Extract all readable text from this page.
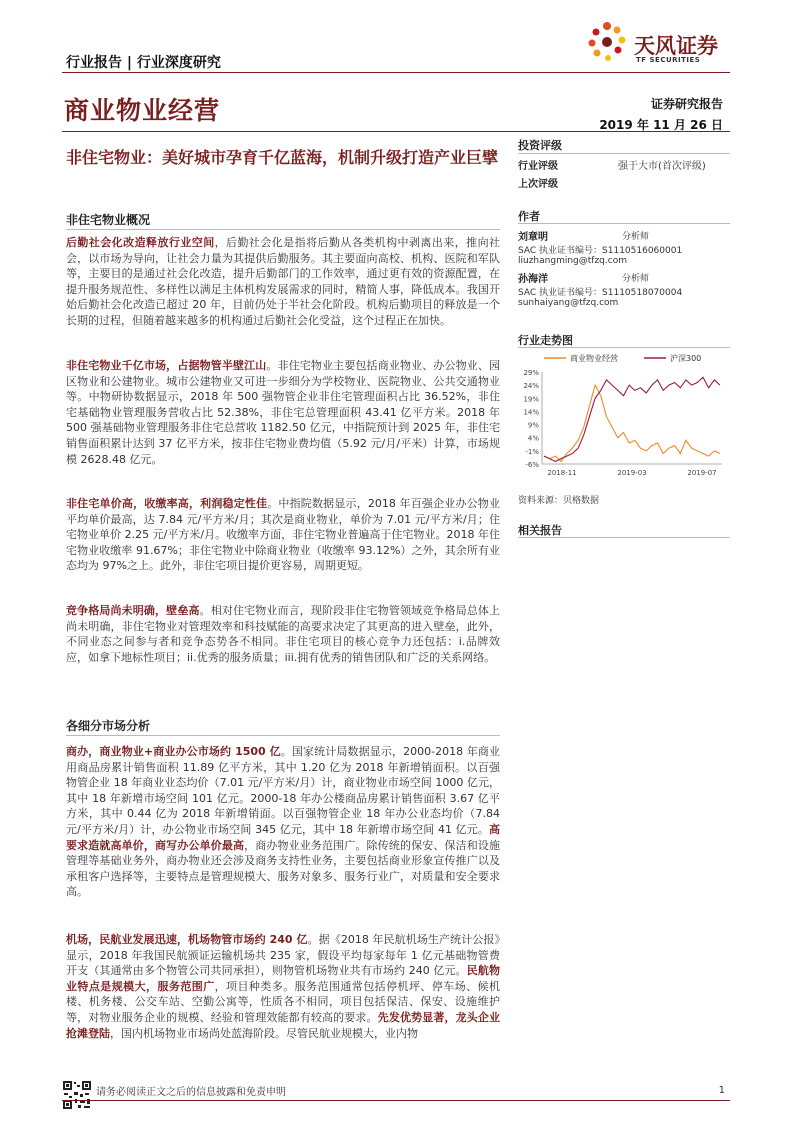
天风证券
TF SECURITIES
行业报告 | 行业深度研究
商业物业经营	证券研究报告
2019 年 11 月 26 日
非住宅物业：美好城市孕育千亿蓝海，机制升级打造产业巨擘
非住宅物业概况
后勤社会化改造释放行业空间，后勤社会化是指将后勤从各类机构中剥离出来，推向社会，以市场为导向，让社会力量为其提供后勤服务。其主要面向高校、机构、医院和军队等，主要目的是通过社会化改造，提升后勤部门的工作效率，通过更有效的资源配置，在提升服务规范性、多样性以满足主体机构发展需求的同时，精简人事，降低成本。我国开始后勤社会化改造已超过 20 年，目前仍处于半社会化阶段。机构后勤项目的释放是一个长期的过程，但随着越来越多的机构通过后勤社会化受益，这个过程正在加快。
非住宅物业千亿市场，占据物管半壁江山。非住宅物业主要包括商业物业、办公物业、园区物业和公建物业。城市公建物业又可进一步细分为学校物业、医院物业、公共交通物业等。中物研协数据显示，2018 年 500 强物管企业非住宅管理面积占比 36.52%，非住宅基础物业管理服务营收占比 52.38%，非住宅总管理面积 43.41 亿平方米。2018 年 500 强基础物业管理服务非住宅总营收 1182.50 亿元，中指院预计到 2025 年，非住宅销售面积累计达到 37 亿平方米，按非住宅物业费均值（5.92 元/月/平米）计算，市场规模 2628.48 亿元。
非住宅单价高，收缴率高，利润稳定性佳。中指院数据显示，2018 年百强企业办公物业平均单价最高，达 7.84 元/平方米/月；其次是商业物业，单价为 7.01 元/平方米/月；住宅物业单价 2.25 元/平方米/月。收缴率方面，非住宅物业普遍高于住宅物业。2018 年住宅物业收缴率 91.67%；非住宅物业中除商业物业（收缴率 93.12%）之外，其余所有业态均为 97%之上。此外，非住宅项目提价更容易，周期更短。
竞争格局尚未明确，壁垒高。相对住宅物业而言，现阶段非住宅物管领域竞争格局总体上尚未明确，非住宅物业对管理效率和科技赋能的高要求决定了其更高的进入壁垒，此外，不同业态之间参与者和竞争态势各不相同。非住宅项目的核心竞争力还包括：i.品牌效应，如拿下地标性项目；ii.优秀的服务质量；iii.拥有优秀的销售团队和广泛的关系网络。
各细分市场分析
商办，商业物业+商业办公市场约 1500 亿。国家统计局数据显示，2000-2018 年商业用商品房累计销售面积 11.89 亿平方米，其中 1.20 亿为 2018 年新增销面积。以百强物管企业 18 年商业业态均价（7.01 元/平方米/月）计，商业物业市场空间 1000 亿元，其中 18 年新增市场空间 101 亿元。2000-18 年办公楼商品房累计销售面积 3.67 亿平方米，其中 0.44 亿为 2018 年新增销面。以百强物管企业 18 年办公业态均价（7.84 元/平方米/月）计，办公物业市场空间 345 亿元，其中 18 年新增市场空间 41 亿元。高要求造就高单价，商写办公单价最高，商办物业业务范围广。除传统的保安、保洁和设施管理等基础业务外，商办物业还会涉及商务支持性业务，主要包括商业形象宣传推广以及承租客户选择等，主要特点是管理规模大、服务对象多、服务行业广，对质量和安全要求高。
机场，民航业发展迅速，机场物管市场约 240 亿。据《2018 年民航机场生产统计公报》显示，2018 年我国民航颁证运输机场共 235 家，假设平均每家每年 1 亿元基础物管费开支（其通常由多个物管公司共同承担），则物管机场物业共有市场约 240 亿元。民航物业特点是规模大，服务范围广，项目种类多。服务范围通常包括停机坪、停车场、候机楼、机务楼、公交车站、空勤公寓等，性质各不相同，项目包括保洁、保安、设施维护等，对物业服务企业的规模、经验和管理效能都有较高的要求。先发优势显著，龙头企业抢滩登陆，国内机场物业市场尚处蓝海阶段。尽管民航业规模大，业内物
投资评级
行业评级	强于大市(首次评级)
上次评级
作者
刘章明	分析师
SAC 执业证书编号：S1110516060001
liuzhangming@tfzq.com
孙海洋	分析师
SAC 执业证书编号：S1110518070004
sunhaiyang@tfzq.com
行业走势图
29%
24%
19%
14%
9%
4%
-1%
-6%
2018-11	2019-03	2019-07
商业物业经营	沪深300
资料来源：贝格数据
相关报告
请务必阅读正文之后的信息披露和免责申明	1
